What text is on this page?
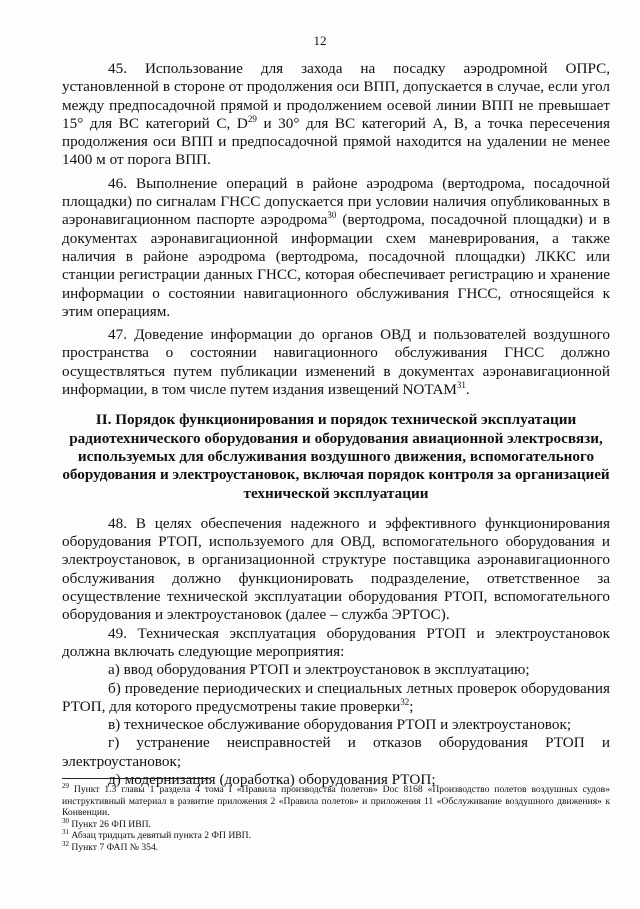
12

45. Использование для захода на посадку аэродромной ОПРС, установленной в стороне от продолжения оси ВПП, допускается в случае, если угол между предпосадочной прямой и продолжением осевой линии ВПП не превышает 15° для ВС категорий C, $D^{29}$ и 30° для ВС категорий A, B, а точка пересечения продолжения оси ВПП и предпосадочной прямой находится на удалении не менее 1400 м от порога ВПП.

46. Выполнение операций в районе аэродрома (вертодрома, посадочной площадки) по сигналам ГНСС допускается при условии наличия опубликованных в аэронавигационном паспорте аэродрома$^{30}$ (вертодрома, посадочной площадки) и в документах аэронавигационной информации схем маневрирования, а также наличия в районе аэродрома (вертодрома, посадочной площадки) ЛККС или станции регистрации данных ГНСС, которая обеспечивает регистрацию и хранение информации о состоянии навигационного обслуживания ГНСС, относящейся к этим операциям.

47. Доведение информации до органов ОВД и пользователей воздушного пространства о состоянии навигационного обслуживания ГНСС должно осуществляться путем публикации изменений в документах аэронавигационной информации, в том числе путем издания извещений NOTAM$^{31}$.

II. Порядок функционирования и порядок технической эксплуатации радиотехнического оборудования и оборудования авиационной электросвязи, используемых для обслуживания воздушного движения, вспомогательного оборудования и электроустановок, включая порядок контроля за организацией технической эксплуатации

48. В целях обеспечения надежного и эффективного функционирования оборудования РТОП, используемого для ОВД, вспомогательного оборудования и электроустановок, в организационной структуре поставщика аэронавигационного обслуживания должно функционировать подразделение, ответственное за осуществление технической эксплуатации оборудования РТОП, вспомогательного оборудования и электроустановок (далее – служба ЭРТОС).

49. Техническая эксплуатация оборудования РТОП и электроустановок должна включать следующие мероприятия:

а) ввод оборудования РТОП и электроустановок в эксплуатацию;

б) проведение периодических и специальных летных проверок оборудования РТОП, для которого предусмотрены такие проверки$^{32}$;

в) техническое обслуживание оборудования РТОП и электроустановок;

г) устранение неисправностей и отказов оборудования РТОП и электроустановок;

д) модернизация (доработка) оборудования РТОП;

$^{29}$ Пункт 1.3 главы 1 раздела 4 тома I «Правила производства полетов» Doc 8168 «Производство полетов воздушных судов» инструктивный материал в развитие приложения 2 «Правила полетов» и приложения 11 «Обслуживание воздушного движения» к Конвенции.

$^{30}$ Пункт 26 ФП ИВП.

$^{31}$ Абзац тридцать девятый пункта 2 ФП ИВП.

$^{32}$ Пункт 7 ФАП № 354.
